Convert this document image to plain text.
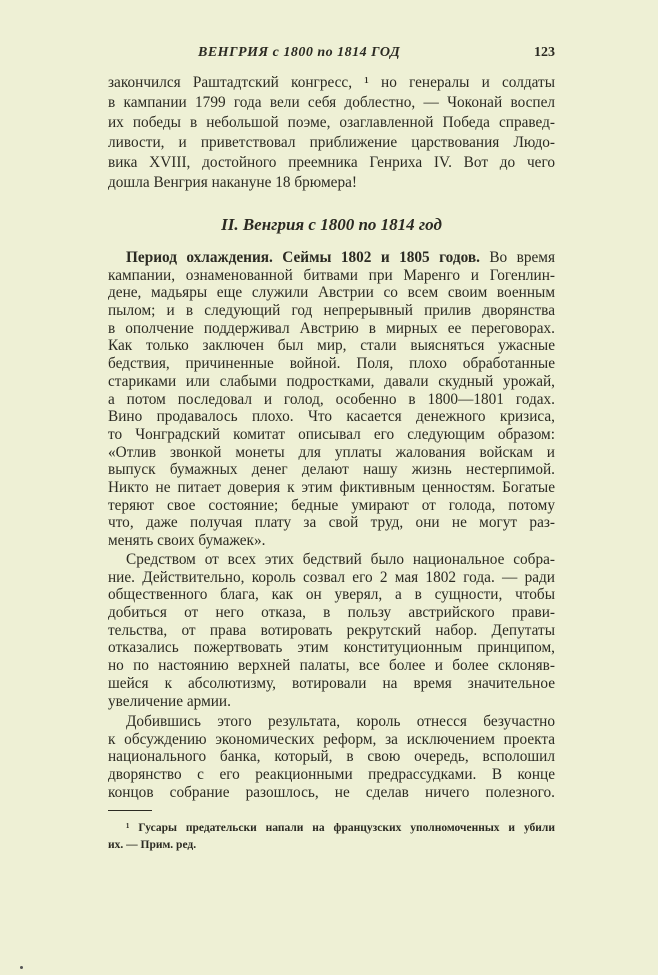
ВЕНГРИЯ с 1800 по 1814 ГОД	123
закончился Раштадтский конгресс, ¹ но генералы и солдаты
в кампании 1799 года вели себя доблестно, — Чоконай воспел
их победы в небольшой поэме, озаглавленной Победа справед-
ливости, и приветствовал приближение царствования Людо-
вика XVIII, достойного преемника Генриха IV. Вот до чего
дошла Венгрия накануне 18 брюмера!
II. Венгрия с 1800 по 1814 год
Период охлаждения. Сеймы 1802 и 1805 годов. Во время
кампании, ознаменованной битвами при Маренго и Гогенлин-
дене, мадьяры еще служили Австрии со всем своим военным
пылом; и в следующий год непрерывный прилив дворянства
в ополчение поддерживал Австрию в мирных ее переговорах.
Как только заключен был мир, стали выясняться ужасные
бедствия, причиненные войной. Поля, плохо обработанные
стариками или слабыми подростками, давали скудный урожай,
а потом последовал и голод, особенно в 1800—1801 годах.
Вино продавалось плохо. Что касается денежного кризиса,
то Чонградский комитат описывал его следующим образом:
«Отлив звонкой монеты для уплаты жалования войскам и
выпуск бумажных денег делают нашу жизнь нестерпимой.
Никто не питает доверия к этим фиктивным ценностям. Богатые
теряют свое состояние; бедные умирают от голода, потому
что, даже получая плату за свой труд, они не могут раз-
менять своих бумажек».
Средством от всех этих бедствий было национальное собра-
ние. Действительно, король созвал его 2 мая 1802 года. — ради
общественного блага, как он уверял, а в сущности, чтобы
добиться от него отказа, в пользу австрийского прави-
тельства, от права вотировать рекрутский набор. Депутаты
отказались пожертвовать этим конституционным принципом,
но по настоянию верхней палаты, все более и более склоняв-
шейся к абсолютизму, вотировали на время значительное
увеличение армии.
Добившись этого результата, король отнесся безучастно
к обсуждению экономических реформ, за исключением проекта
национального банка, который, в свою очередь, всполошил
дворянство с его реакционными предрассудками. В конце
концов собрание разошлось, не сделав ничего полезного.
¹ Гусары предательски напали на французских уполномоченных и убили
их. — Прим. ред.
